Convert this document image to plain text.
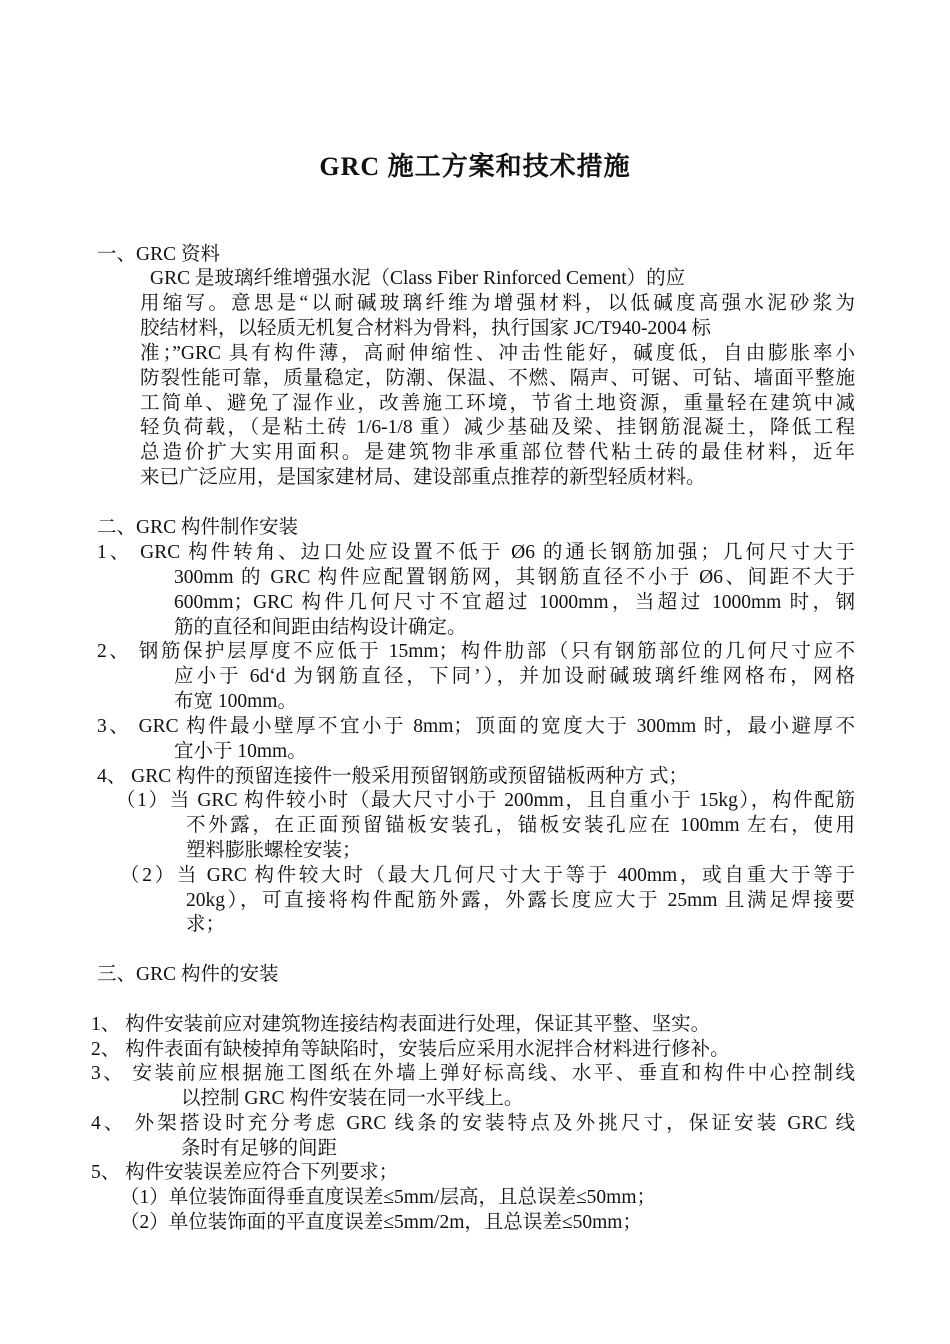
GRC 施工方案和技术措施
一、GRC 资料
GRC 是玻璃纤维增强水泥（Class Fiber Rinforced Cement）的应
用缩写。意思是“以耐碱玻璃纤维为增强材料，以低碱度高强水泥砂浆为
胶结材料，以轻质无机复合材料为骨料，执行国家 JC/T940-2004 标
准；”GRC 具有构件薄，高耐伸缩性、冲击性能好，碱度低，自由膨胀率小
防裂性能可靠，质量稳定，防潮、保温、不燃、隔声、可锯、可钻、墙面平整施
工简单、避免了湿作业，改善施工环境，节省土地资源，重量轻在建筑中减
轻负荷载，（是粘土砖 1/6-1/8 重）减少基础及梁、挂钢筋混凝土，降低工程
总造价扩大实用面积。是建筑物非承重部位替代粘土砖的最佳材料，近年
来已广泛应用，是国家建材局、建设部重点推荐的新型轻质材料。
二、GRC 构件制作安装
1、 GRC 构件转角、边口处应设置不低于 Ø6 的通长钢筋加强；几何尺寸大于
300mm 的 GRC 构件应配置钢筋网，其钢筋直径不小于 Ø6、间距不大于
600mm；GRC 构件几何尺寸不宜超过 1000mm，当超过 1000mm 时，钢
筋的直径和间距由结构设计确定。
2、 钢筋保护层厚度不应低于 15mm；构件肋部（只有钢筋部位的几何尺寸应不
应小于 6d‘d 为钢筋直径，下同’），并加设耐碱玻璃纤维网格布，网格
布宽 100mm。
3、 GRC 构件最小壁厚不宜小于 8mm；顶面的宽度大于 300mm 时，最小避厚不
宜小于 10mm。
4、 GRC 构件的预留连接件一般采用预留钢筋或预留锚板两种方 式；
（1）当 GRC 构件较小时（最大尺寸小于 200mm，且自重小于 15kg），构件配筋
不外露，在正面预留锚板安装孔，锚板安装孔应在 100mm 左右，使用
塑料膨胀螺栓安装；
（2）当 GRC 构件较大时（最大几何尺寸大于等于 400mm，或自重大于等于
20kg），可直接将构件配筋外露，外露长度应大于 25mm 且满足焊接要
求；
三、GRC 构件的安装
1、 构件安装前应对建筑物连接结构表面进行处理，保证其平整、坚实。
2、 构件表面有缺棱掉角等缺陷时，安装后应采用水泥拌合材料进行修补。
3、 安装前应根据施工图纸在外墙上弹好标高线、水平、垂直和构件中心控制线
以控制 GRC 构件安装在同一水平线上。
4、 外架搭设时充分考虑 GRC 线条的安装特点及外挑尺寸，保证安装 GRC 线
条时有足够的间距
5、 构件安装误差应符合下列要求；
（1）单位装饰面得垂直度误差≤5mm/层高，且总误差≤50mm；
（2）单位装饰面的平直度误差≤5mm/2m，且总误差≤50mm；
